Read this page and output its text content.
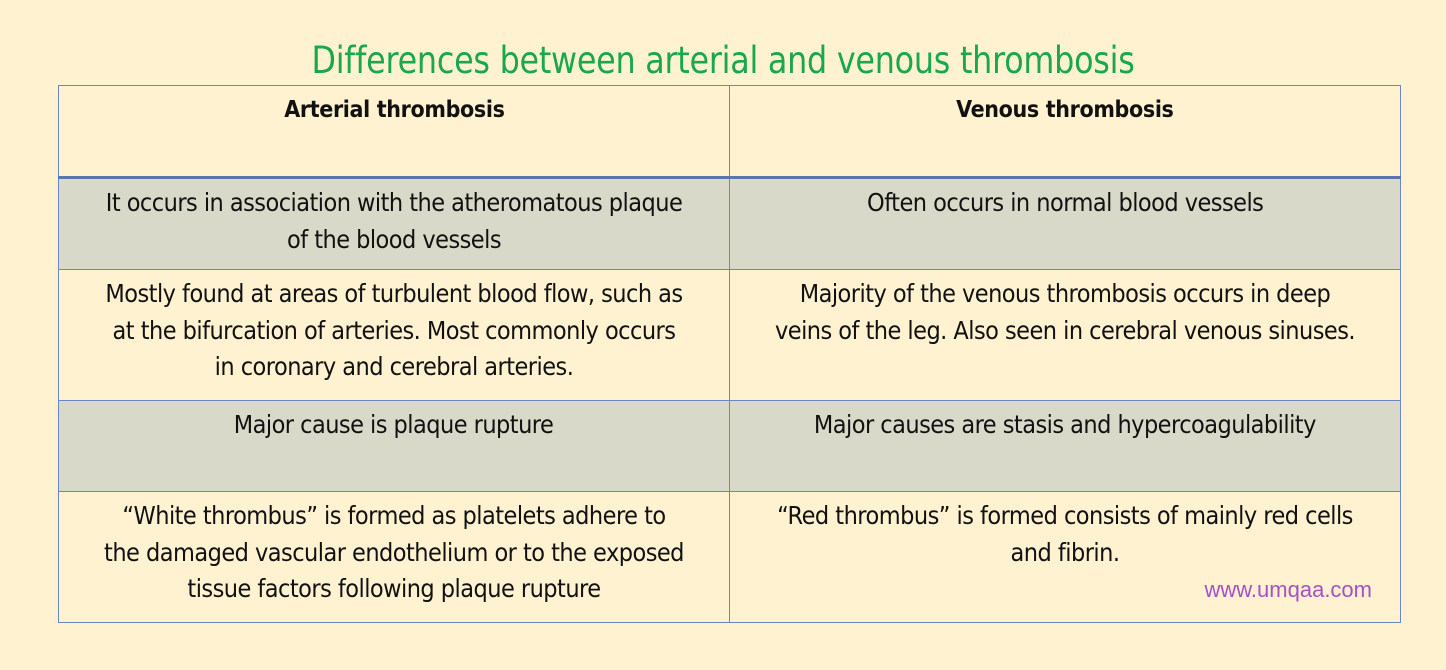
Differences between arterial and venous thrombosis
Arterial thrombosis	Venous thrombosis
It occurs in association with the atheromatous plaque of the blood vessels	Often occurs in normal blood vessels
Mostly found at areas of turbulent blood flow, such as at the bifurcation of arteries. Most commonly occurs in coronary and cerebral arteries.	Majority of the venous thrombosis occurs in deep veins of the leg. Also seen in cerebral venous sinuses.
Major cause is plaque rupture	Major causes are stasis and hypercoagulability
“White thrombus” is formed as platelets adhere to the damaged vascular endothelium or to the exposed tissue factors following plaque rupture	“Red thrombus” is formed consists of mainly red cells and fibrin.
www.umqaa.com
